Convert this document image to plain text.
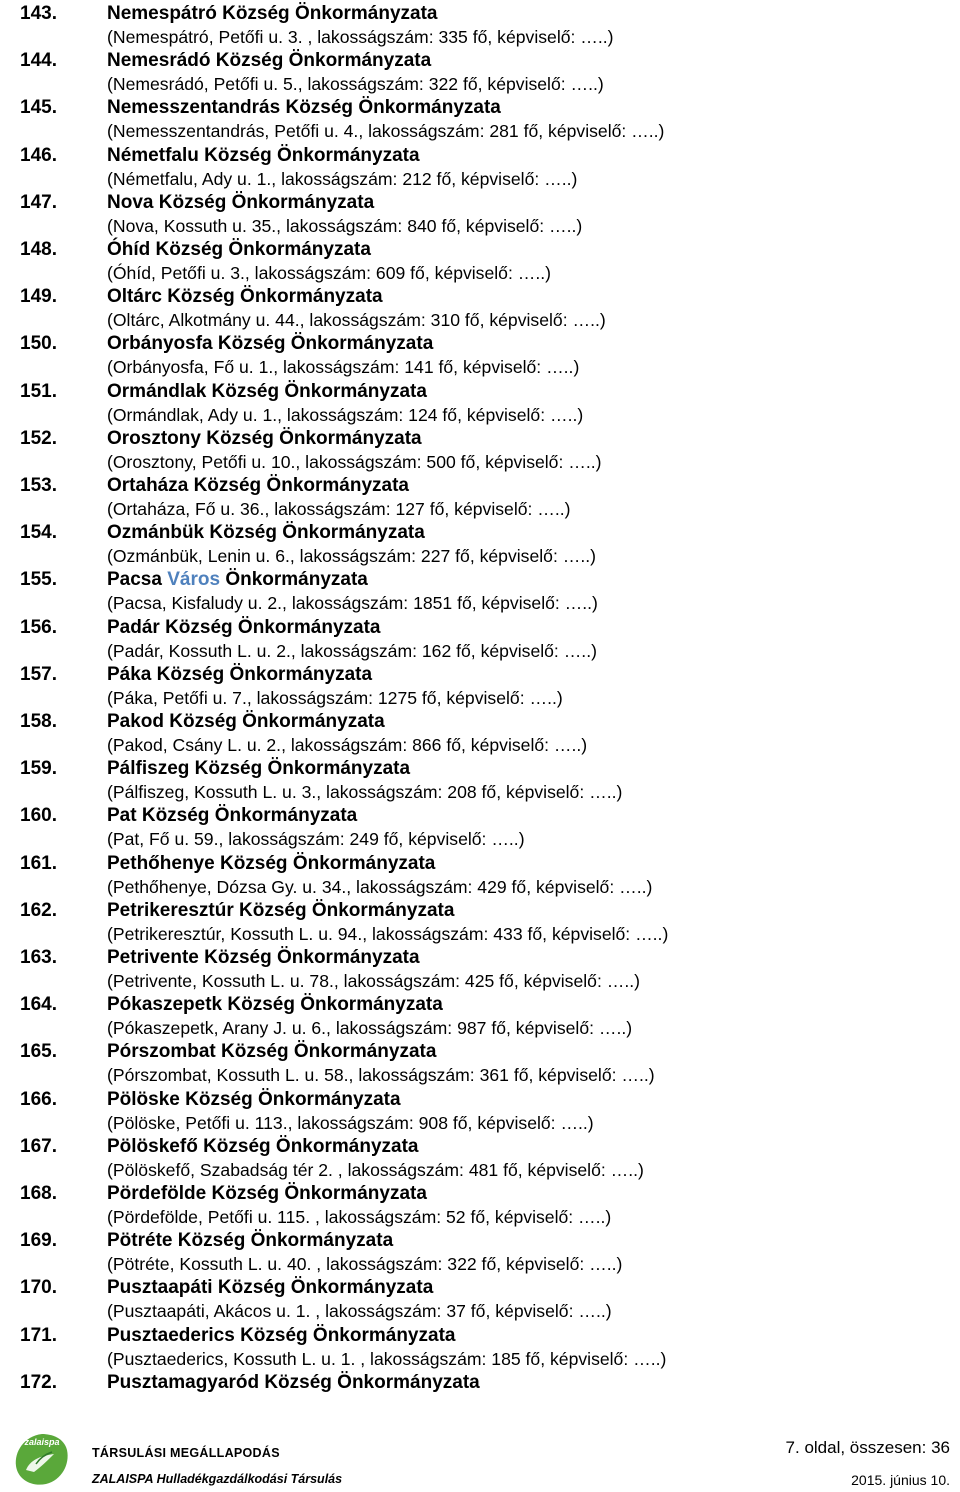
143.	Nemespátró Község Önkormányzata
(Nemespátró, Petőfi u. 3. , lakosságszám: 335 fő, képviselő: …..)
144.	Nemesrádó Község Önkormányzata
(Nemesrádó, Petőfi u. 5., lakosságszám: 322 fő, képviselő: …..)
145.	Nemesszentandrás Község Önkormányzata
(Nemesszentandrás, Petőfi u. 4., lakosságszám: 281 fő, képviselő: …..)
146.	Németfalu Község Önkormányzata
(Németfalu, Ady u. 1., lakosságszám: 212 fő, képviselő: …..)
147.	Nova Község Önkormányzata
(Nova, Kossuth u. 35., lakosságszám: 840 fő, képviselő: …..)
148.	Óhíd Község Önkormányzata
(Óhíd, Petőfi u. 3., lakosságszám: 609 fő, képviselő: …..)
149.	Oltárc Község Önkormányzata
(Oltárc, Alkotmány u. 44., lakosságszám: 310 fő, képviselő: …..)
150.	Orbányosfa Község Önkormányzata
(Orbányosfa, Fő u. 1., lakosságszám: 141 fő, képviselő: …..)
151.	Ormándlak Község Önkormányzata
(Ormándlak, Ady u. 1., lakosságszám: 124 fő, képviselő: …..)
152.	Orosztony Község Önkormányzata
(Orosztony, Petőfi u. 10., lakosságszám: 500 fő, képviselő: …..)
153.	Ortaháza Község Önkormányzata
(Ortaháza, Fő u. 36., lakosságszám: 127 fő, képviselő: …..)
154.	Ozmánbük Község Önkormányzata
(Ozmánbük, Lenin u. 6., lakosságszám: 227 fő, képviselő: …..)
155.	Pacsa Város Önkormányzata
(Pacsa, Kisfaludy u. 2., lakosságszám: 1851 fő, képviselő: …..)
156.	Padár Község Önkormányzata
(Padár, Kossuth L. u. 2., lakosságszám: 162 fő, képviselő: …..)
157.	Páka Község Önkormányzata
(Páka, Petőfi u. 7., lakosságszám: 1275 fő, képviselő: …..)
158.	Pakod Község Önkormányzata
(Pakod, Csány L. u. 2., lakosságszám: 866 fő, képviselő: …..)
159.	Pálfiszeg Község Önkormányzata
(Pálfiszeg, Kossuth L. u. 3., lakosságszám: 208 fő, képviselő: …..)
160.	Pat Község Önkormányzata
(Pat, Fő u. 59., lakosságszám: 249 fő, képviselő: …..)
161.	Pethőhenye Község Önkormányzata
(Pethőhenye, Dózsa Gy. u. 34., lakosságszám: 429 fő, képviselő: …..)
162.	Petrikeresztúr Község Önkormányzata
(Petrikeresztúr, Kossuth L. u. 94., lakosságszám: 433 fő, képviselő: …..)
163.	Petrivente Község Önkormányzata
(Petrivente, Kossuth L. u. 78., lakosságszám: 425 fő, képviselő: …..)
164.	Pókaszepetk Község Önkormányzata
(Pókaszepetk, Arany J. u. 6., lakosságszám: 987 fő, képviselő: …..)
165.	Pórszombat Község Önkormányzata
(Pórszombat, Kossuth L. u. 58., lakosságszám: 361 fő, képviselő: …..)
166.	Pölöske Község Önkormányzata
(Pölöske, Petőfi u. 113., lakosságszám: 908 fő, képviselő: …..)
167.	Pölöskefő Község Önkormányzata
(Pölöskefő, Szabadság tér 2. , lakosságszám: 481 fő, képviselő: …..)
168.	Pördefölde Község Önkormányzata
(Pördefölde, Petőfi u. 115. , lakosságszám: 52 fő, képviselő: …..)
169.	Pötréte Község Önkormányzata
(Pötréte, Kossuth L. u. 40. , lakosságszám: 322 fő, képviselő: …..)
170.	Pusztaapáti Község Önkormányzata
(Pusztaapáti, Akácos u. 1. , lakosságszám: 37 fő, képviselő: …..)
171.	Pusztaederics Község Önkormányzata
(Pusztaederics, Kossuth L. u. 1. , lakosságszám: 185 fő, képviselő: …..)
172.	Pusztamagyaród Község Önkormányzata
zalaispa
TÁRSULÁSI MEGÁLLAPODÁS
ZALAISPA Hulladékgazdálkodási Társulás
7. oldal, összesen: 36
2015. június 10.
